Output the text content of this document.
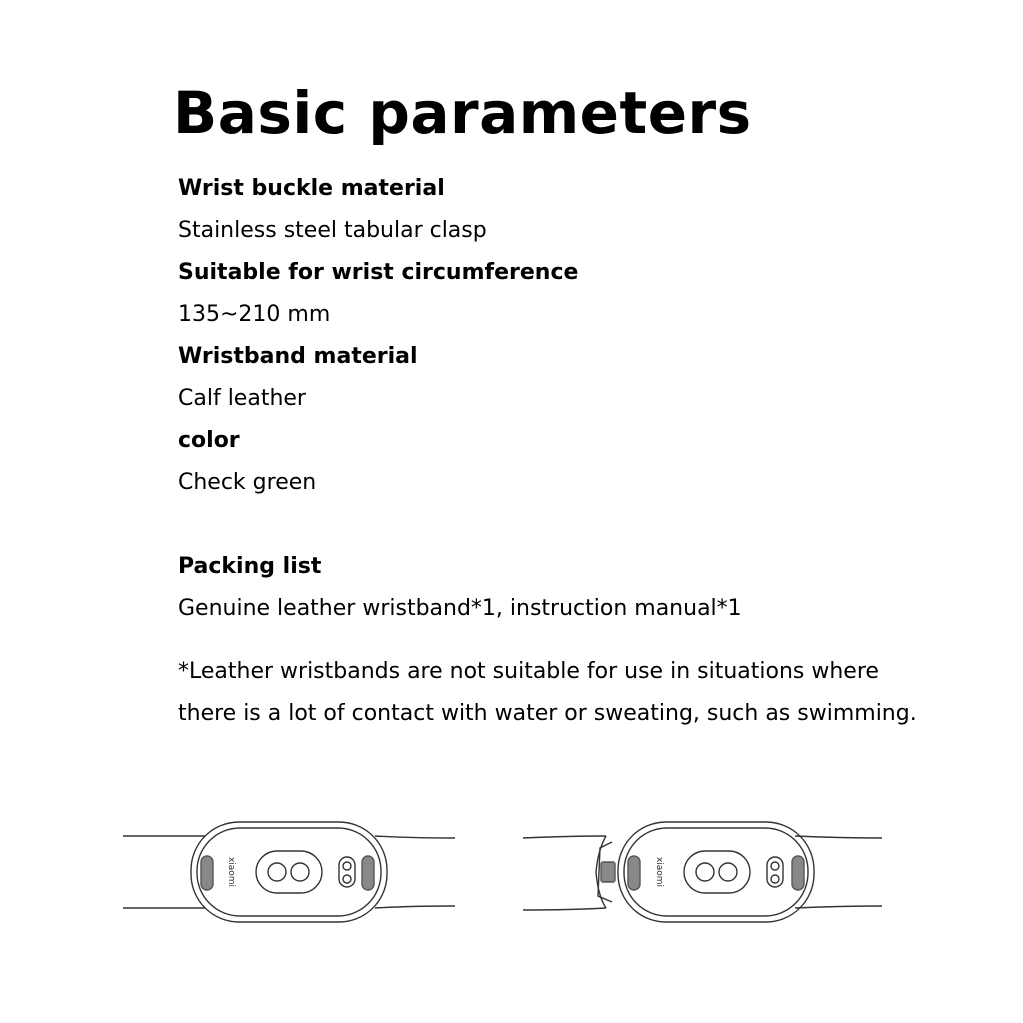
Basic parameters
Wrist buckle material
Stainless steel tabular clasp
Suitable for wrist circumference
135~210 mm
Wristband material
Calf leather
color
Check green
Packing list
Genuine leather wristband*1, instruction manual*1
*Leather wristbands are not suitable for use in situations where
there is a lot of contact with water or sweating, such as swimming.
xiaomi	xiaomi
